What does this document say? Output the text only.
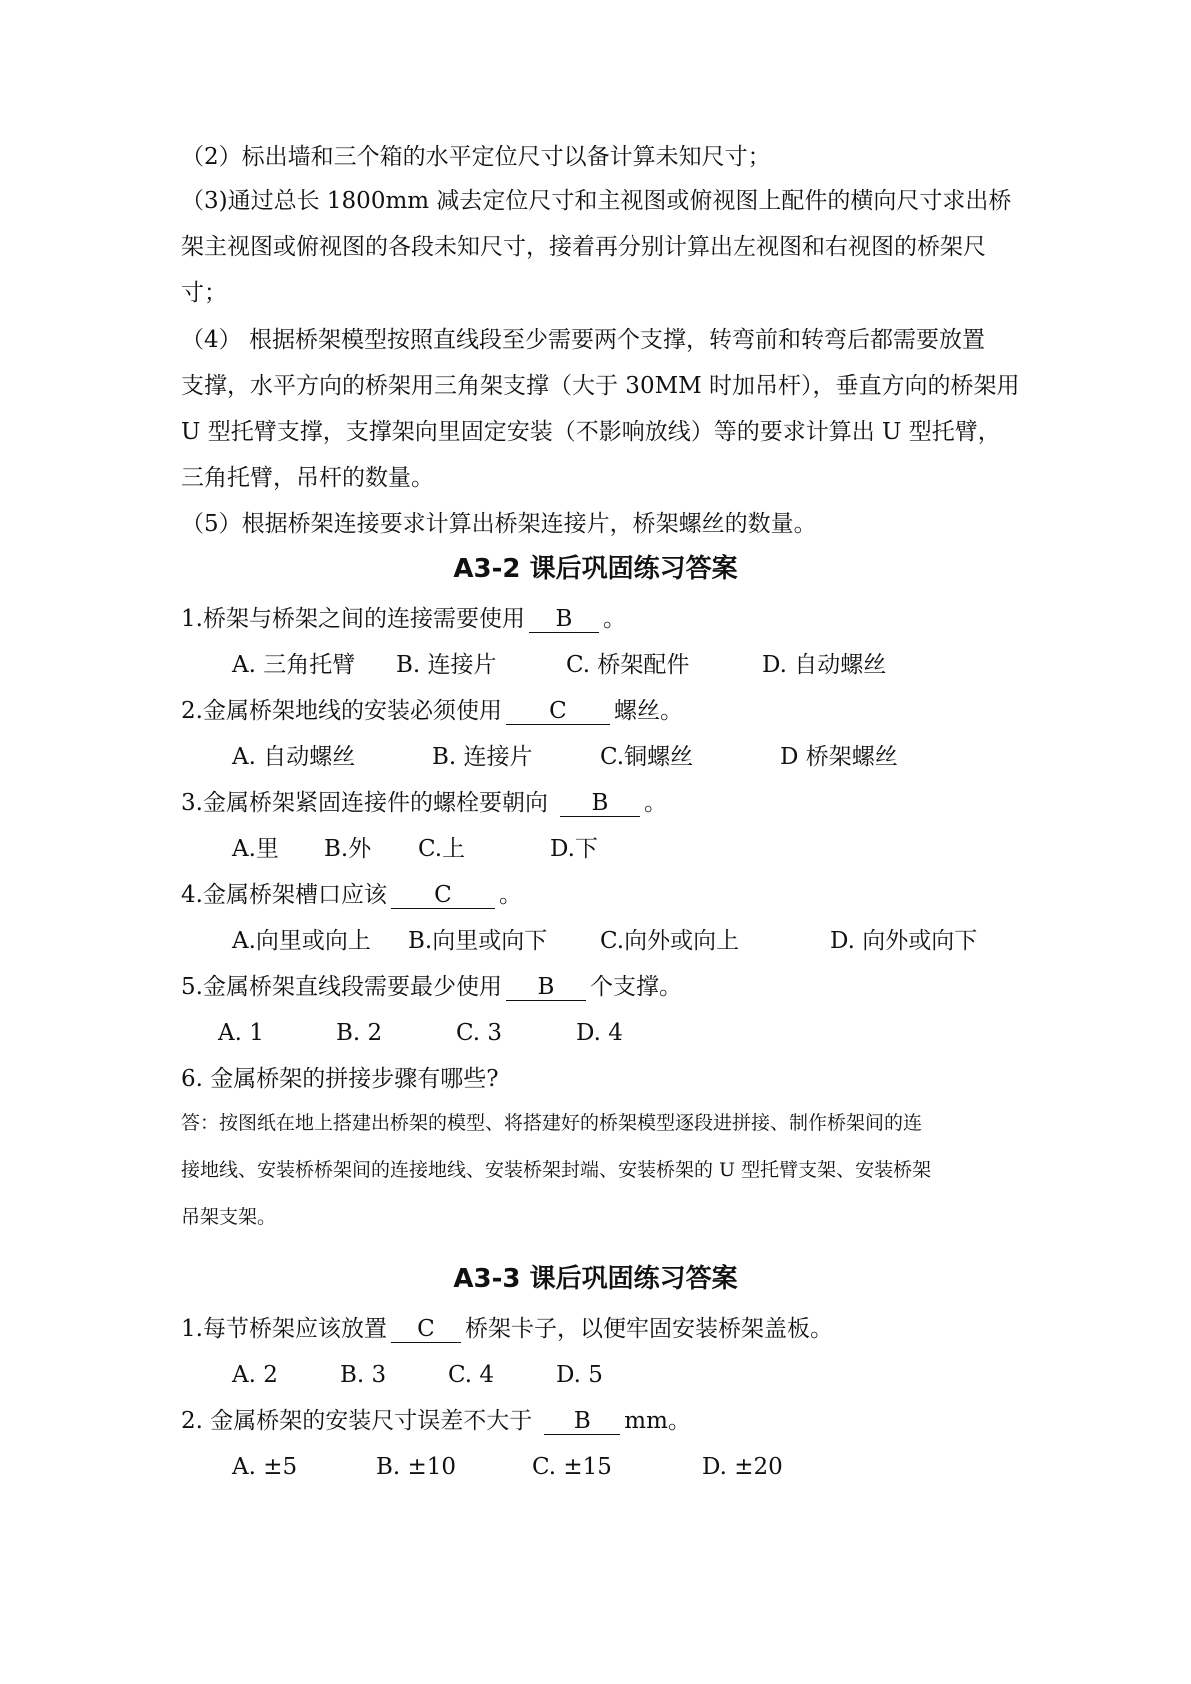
（2）标出墙和三个箱的水平定位尺寸以备计算未知尺寸；
（3)通过总长 1800mm 减去定位尺寸和主视图或俯视图上配件的横向尺寸求出桥
架主视图或俯视图的各段未知尺寸，接着再分别计算出左视图和右视图的桥架尺
寸；
（4） 根据桥架模型按照直线段至少需要两个支撑，转弯前和转弯后都需要放置
支撑，水平方向的桥架用三角架支撑（大于 30MM 时加吊杆），垂直方向的桥架用
U 型托臂支撑，支撑架向里固定安装（不影响放线）等的要求计算出 U 型托臂，
三角托臂，吊杆的数量。
（5）根据桥架连接要求计算出桥架连接片，桥架螺丝的数量。
A3-2 课后巩固练习答案
1.桥架与桥架之间的连接需要使用 B 。
A. 三角托臂 B. 连接片	C. 桥架配件	D. 自动螺丝
2.金属桥架地线的安装必须使用 C 螺丝。
A. 自动螺丝	B. 连接片	C.铜螺丝	D 桥架螺丝
3.金属桥架紧固连接件的螺栓要朝向 B 。
A.里 B.外 C.上	D.下
4.金属桥架槽口应该 C 。
A.向里或向上 B.向里或向下 C.向外或向上	D. 向外或向下
5.金属桥架直线段需要最少使用 B 个支撑。
A. 1	B. 2	C. 3	D. 4
6. 金属桥架的拼接步骤有哪些?
答：按图纸在地上搭建出桥架的模型、将搭建好的桥架模型逐段进拼接、制作桥架间的连
接地线、安装桥桥架间的连接地线、安装桥架封端、安装桥架的 U 型托臂支架、安装桥架
吊架支架。
A3-3 课后巩固练习答案
1.每节桥架应该放置 C 桥架卡子，以便牢固安装桥架盖板。
A. 2	B. 3	C. 4	D. 5
2. 金属桥架的安装尺寸误差不大于 B mm。
A. ±5	B. ±10	C. ±15	D. ±20
